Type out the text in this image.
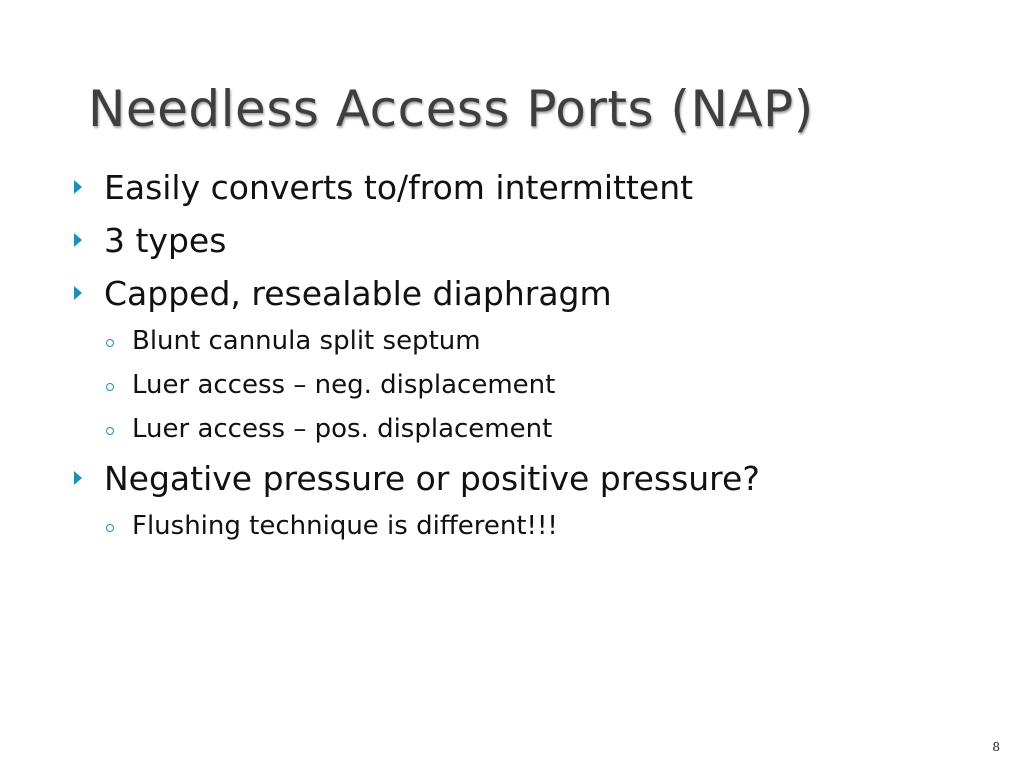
Needless Access Ports (NAP)
Easily converts to/from intermittent
3 types
Capped, resealable diaphragm
Blunt cannula split septum
Luer access – neg. displacement
Luer access – pos. displacement
Negative pressure or positive pressure?
Flushing technique is different!!!
8
